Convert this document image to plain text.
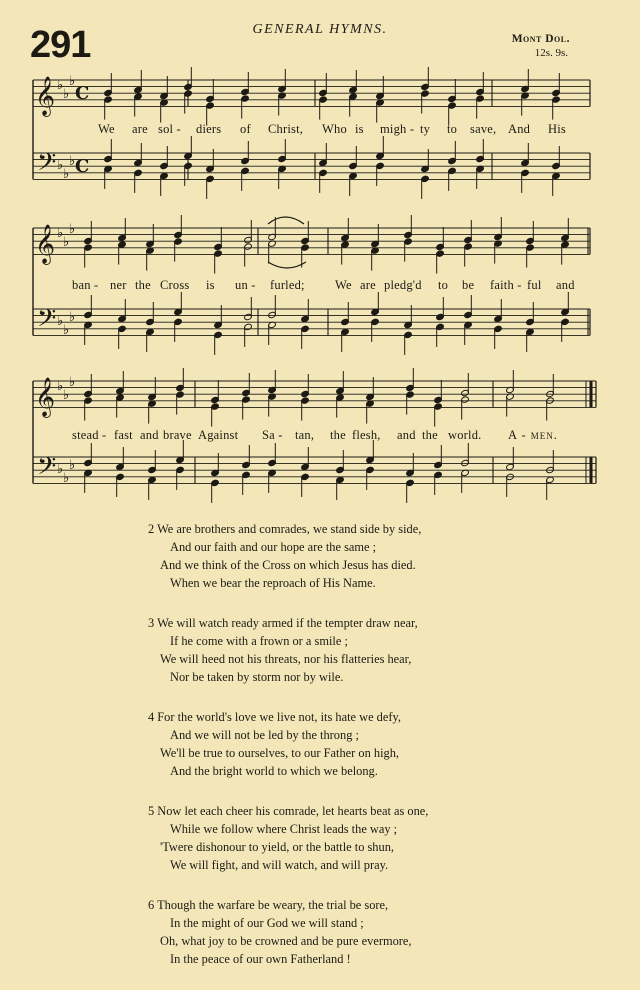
291	GENERAL HYMNS.
Mont Dol.
12s. 9s.
𝄞
𝄢
♭
♭
♭
♭
♭
♭
C
C
𝄞
𝄢
♭
♭
♭
♭
♭
♭
𝄞
𝄢
♭
♭
♭
♭
♭
♭
We are sol - diers of Christ, Who is migh - ty to save, And His
ban - ner the Cross is un - furled; We are pledg'd to be faith - ful and
stead - fast and brave Against Sa - tan, the flesh, and the world. A - men.
2 We are brothers and comrades, we stand side by side,
And our faith and our hope are the same ;
And we think of the Cross on which Jesus has died.
When we bear the reproach of His Name.
3 We will watch ready armed if the tempter draw near,
If he come with a frown or a smile ;
We will heed not his threats, nor his flatteries hear,
Nor be taken by storm nor by wile.
4 For the world's love we live not, its hate we defy,
And we will not be led by the throng ;
We'll be true to ourselves, to our Father on high,
And the bright world to which we belong.
5 Now let each cheer his comrade, let hearts beat as one,
While we follow where Christ leads the way ;
'Twere dishonour to yield, or the battle to shun,
We will fight, and will watch, and will pray.
6 Though the warfare be weary, the trial be sore,
In the might of our God we will stand ;
Oh, what joy to be crowned and be pure evermore,
In the peace of our own Fatherland !
